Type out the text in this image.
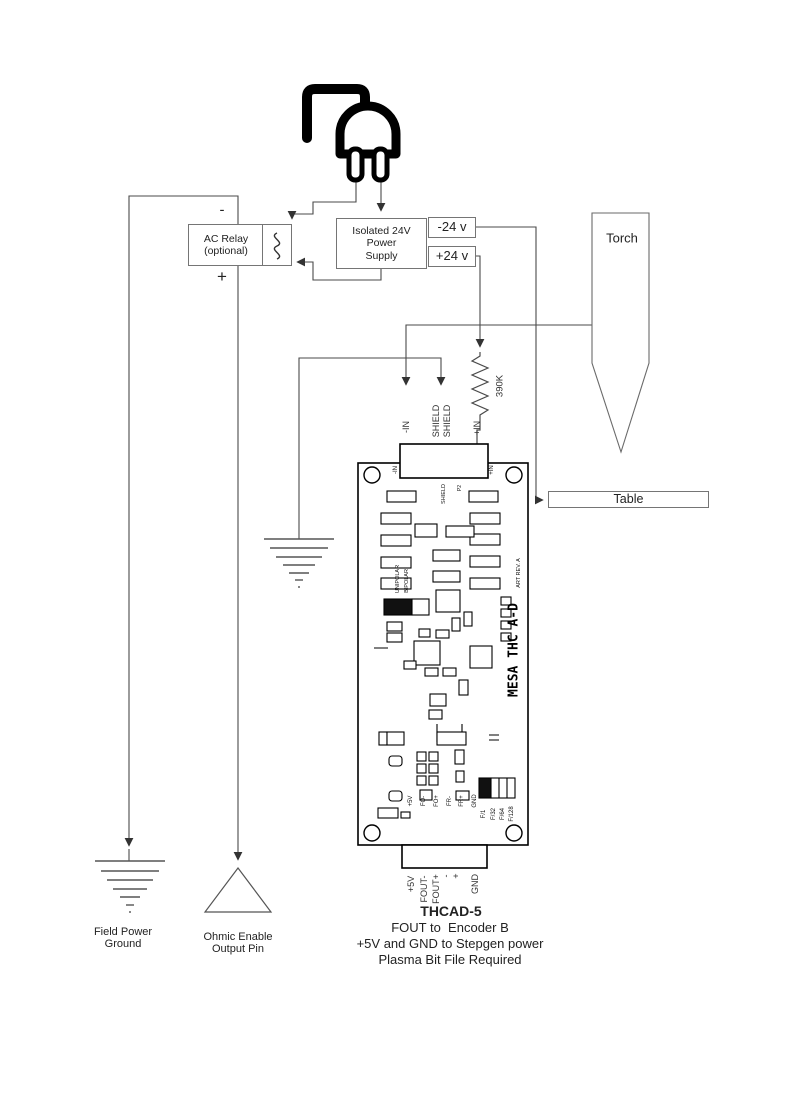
-
AC Relay
(optional)
+
Isolated 24V Power
Supply
-24 v
+24 v
Torch
Table
390K
-IN SHIELD SHIELD +IN
-IN	+IN
SHIELD P2
UNIPOLAR BIPOLAR
MESA THC A-D
ART REV. A
+5V FO- FO+ FR- FR+ GND
F/1 F/32 F/64 F/128
+5V FOUT- FOUT+ - + GND
THCAD-5
FOUT to  Encoder B
+5V and GND to Stepgen power
Plasma Bit File Required

Field Power
Ground

Ohmic Enable
Output Pin
